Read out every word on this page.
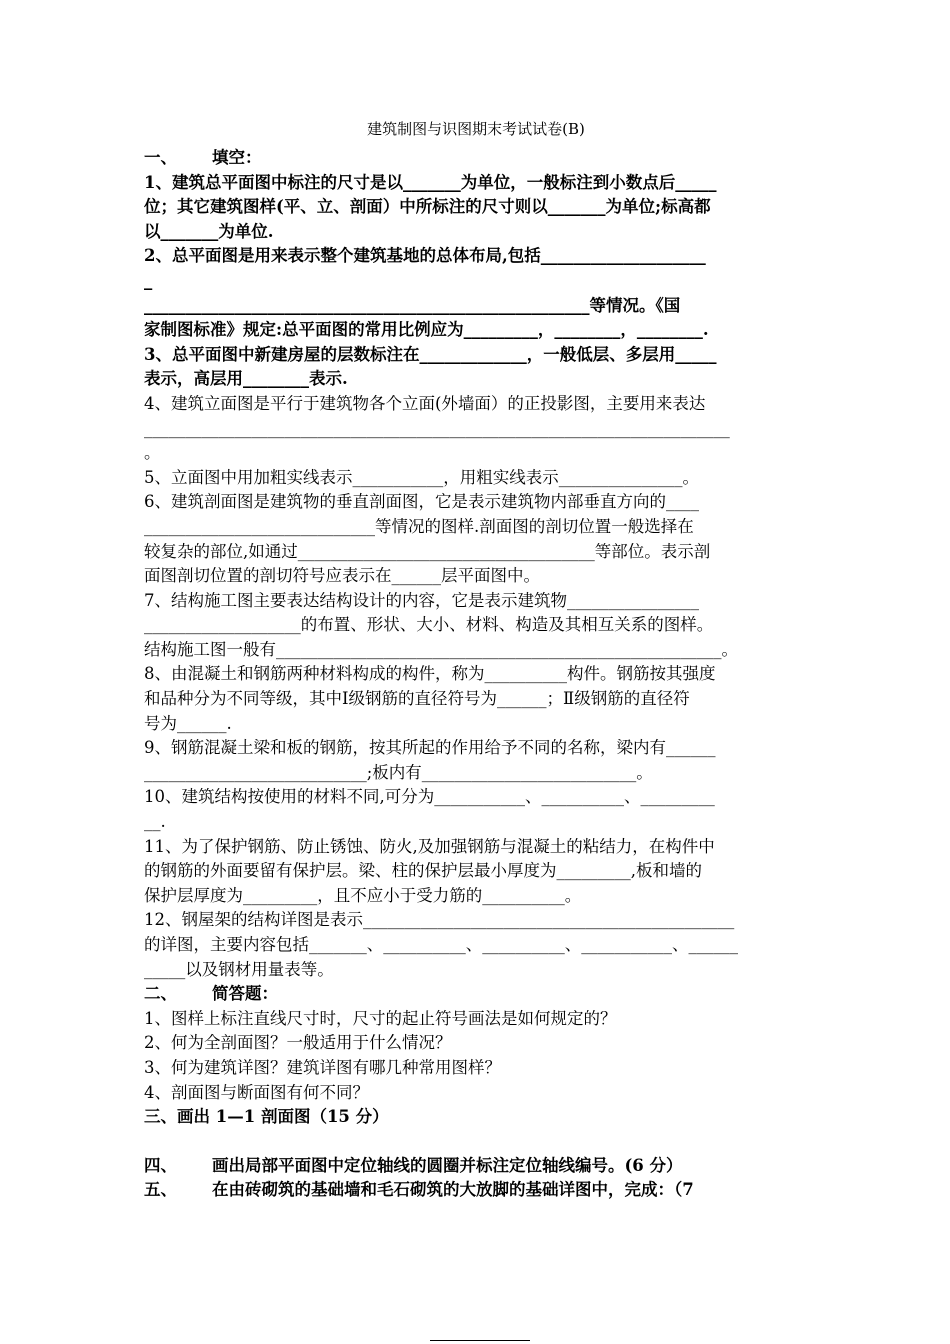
建筑制图与识图期末考试试卷(B)
一、 填空：
1、建筑总平面图中标注的尺寸是以_______为单位，一般标注到小数点后_____
位；其它建筑图样(平、立、剖面）中所标注的尺寸则以_______为单位;标高都
以_______为单位.
2、总平面图是用来表示整个建筑基地的总体布局,包括____________________
_
______________________________________________________等情况。《国
家制图标准》规定:总平面图的常用比例应为_________，________，________.
3、总平面图中新建房屋的层数标注在_____________，一般低层、多层用_____
表示，高层用________表示.
4、建筑立面图是平行于建筑物各个立面(外墙面）的正投影图，主要用来表达
_______________________________________________________________________
。
5、立面图中用加粗实线表示___________，用粗实线表示_______________。
6、建筑剖面图是建筑物的垂直剖面图，它是表示建筑物内部垂直方向的____
____________________________等情况的图样.剖面图的剖切位置一般选择在
较复杂的部位,如通过____________________________________等部位。表示剖
面图剖切位置的剖切符号应表示在______层平面图中。
7、结构施工图主要表达结构设计的内容，它是表示建筑物________________
___________________的布置、形状、大小、材料、构造及其相互关系的图样。
结构施工图一般有______________________________________________________。
8、由混凝土和钢筋两种材料构成的构件，称为__________构件。钢筋按其强度
和品种分为不同等级，其中Ⅰ级钢筋的直径符号为______；Ⅱ级钢筋的直径符
号为______.
9、钢筋混凝土梁和板的钢筋，按其所起的作用给予不同的名称，梁内有______
___________________________;板内有__________________________。
10、建筑结构按使用的材料不同,可分为___________、__________、_________
__.
11、为了保护钢筋、防止锈蚀、防火,及加强钢筋与混凝土的粘结力，在构件中
的钢筋的外面要留有保护层。梁、柱的保护层最小厚度为_________,板和墙的
保护层厚度为_________，且不应小于受力筋的__________。
12、钢屋架的结构详图是表示_____________________________________________
的详图，主要内容包括_______、__________、__________、___________、______
_____以及钢材用量表等。
二、 简答题：
1、图样上标注直线尺寸时，尺寸的起止符号画法是如何规定的？
2、何为全剖面图？一般适用于什么情况？
3、何为建筑详图？建筑详图有哪几种常用图样？
4、剖面图与断面图有何不同？
三、画出 1—1 剖面图（15 分）
四、 画出局部平面图中定位轴线的圆圈并标注定位轴线编号。(6 分）
五、 在由砖砌筑的基础墙和毛石砌筑的大放脚的基础详图中，完成：（7
